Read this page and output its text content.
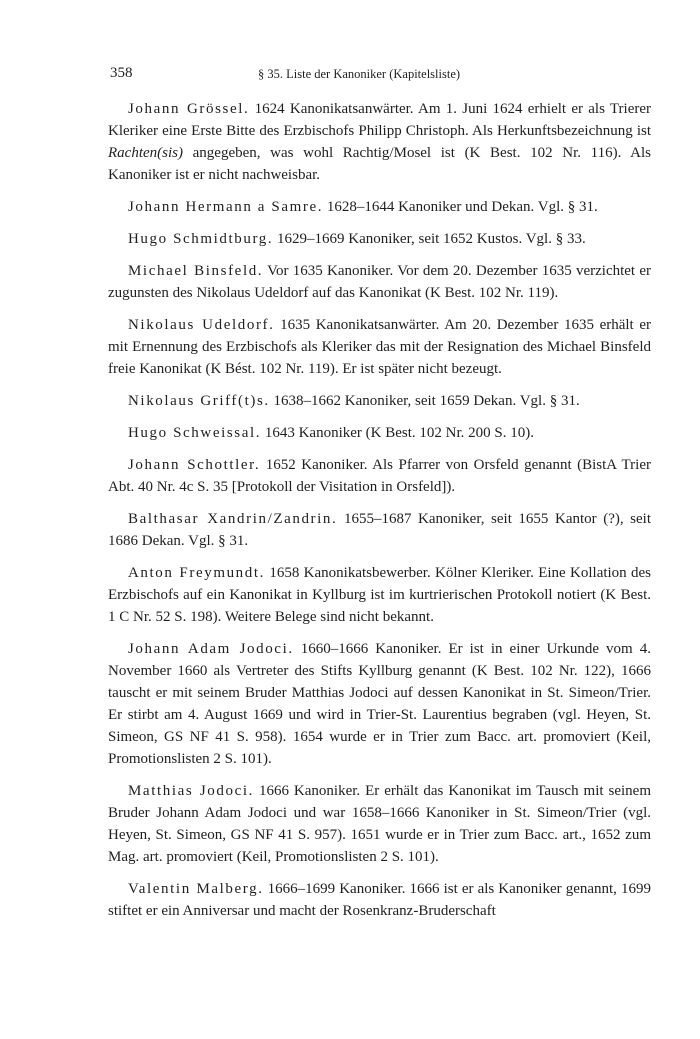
358	§ 35. Liste der Kanoniker (Kapitelsliste)

Johann Grössel. 1624 Kanonikatsanwärter. Am 1. Juni 1624 erhielt er als Trierer Kleriker eine Erste Bitte des Erzbischofs Philipp Christoph. Als Herkunftsbezeichnung ist Rachten(sis) angegeben, was wohl Rachtig/Mosel ist (K Best. 102 Nr. 116). Als Kanoniker ist er nicht nachweisbar.

Johann Hermann a Samre. 1628–1644 Kanoniker und Dekan. Vgl. § 31.

Hugo Schmidtburg. 1629–1669 Kanoniker, seit 1652 Kustos. Vgl. § 33.

Michael Binsfeld. Vor 1635 Kanoniker. Vor dem 20. Dezember 1635 verzichtet er zugunsten des Nikolaus Udeldorf auf das Kanonikat (K Best. 102 Nr. 119).

Nikolaus Udeldorf. 1635 Kanonikatsanwärter. Am 20. Dezember 1635 erhält er mit Ernennung des Erzbischofs als Kleriker das mit der Resignation des Michael Binsfeld freie Kanonikat (K Bést. 102 Nr. 119). Er ist später nicht bezeugt.

Nikolaus Griff(t)s. 1638–1662 Kanoniker, seit 1659 Dekan. Vgl. § 31.

Hugo Schweissal. 1643 Kanoniker (K Best. 102 Nr. 200 S. 10).

Johann Schottler. 1652 Kanoniker. Als Pfarrer von Orsfeld genannt (BistA Trier Abt. 40 Nr. 4c S. 35 [Protokoll der Visitation in Orsfeld]).

Balthasar Xandrin/Zandrin. 1655–1687 Kanoniker, seit 1655 Kantor (?), seit 1686 Dekan. Vgl. § 31.

Anton Freymundt. 1658 Kanonikatsbewerber. Kölner Kleriker. Eine Kollation des Erzbischofs auf ein Kanonikat in Kyllburg ist im kurtrierischen Protokoll notiert (K Best. 1 C Nr. 52 S. 198). Weitere Belege sind nicht bekannt.

Johann Adam Jodoci. 1660–1666 Kanoniker. Er ist in einer Urkunde vom 4. November 1660 als Vertreter des Stifts Kyllburg genannt (K Best. 102 Nr. 122), 1666 tauscht er mit seinem Bruder Matthias Jodoci auf dessen Kanonikat in St. Simeon/Trier. Er stirbt am 4. August 1669 und wird in Trier-St. Laurentius begraben (vgl. Heyen, St. Simeon, GS NF 41 S. 958). 1654 wurde er in Trier zum Bacc. art. promoviert (Keil, Promotionslisten 2 S. 101).

Matthias Jodoci. 1666 Kanoniker. Er erhält das Kanonikat im Tausch mit seinem Bruder Johann Adam Jodoci und war 1658–1666 Kanoniker in St. Simeon/Trier (vgl. Heyen, St. Simeon, GS NF 41 S. 957). 1651 wurde er in Trier zum Bacc. art., 1652 zum Mag. art. promoviert (Keil, Promotionslisten 2 S. 101).

Valentin Malberg. 1666–1699 Kanoniker. 1666 ist er als Kanoniker genannt, 1699 stiftet er ein Anniversar und macht der Rosenkranz-Bruderschaft
